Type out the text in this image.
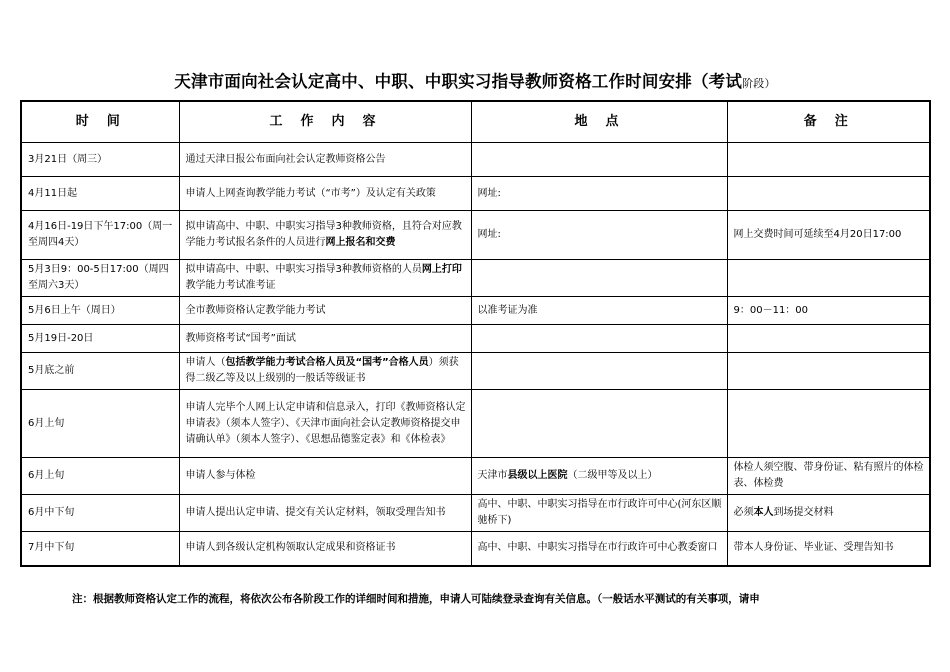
天津市面向社会认定高中、中职、中职实习指导教师资格工作时间安排（考试阶段）
时间	工作内容	地点	备注
3月21日（周三）	通过天津日报公布面向社会认定教师资格公告		
4月11日起	申请人上网查询教学能力考试（“市考”）及认定有关政策	网址:	
4月16日-19日下午17:00（周一至周四4天）	拟申请高中、中职、中职实习指导3种教师资格，且符合对应教学能力考试报名条件的人员进行网上报名和交费	网址:	网上交费时间可延续至4月20日17:00
5月3日9：00-5日17:00（周四至周六3天）	拟申请高中、中职、中职实习指导3种教师资格的人员网上打印教学能力考试准考证		
5月6日上午（周日）	全市教师资格认定教学能力考试	以准考证为准	9：00－11：00
5月19日-20日	教师资格考试“国考”面试		
5月底之前	申请人（包括教学能力考试合格人员及“国考”合格人员）须获得二级乙等及以上级别的一般话等级证书		
6月上旬	申请人完毕个人网上认定申请和信息录入，打印《教师资格认定申请表》（须本人签字）、《天津市面向社会认定教师资格提交申请确认单》（须本人签字）、《思想品德鉴定表》和《体检表》		
6月上旬	申请人参与体检	天津市县级以上医院（二级甲等及以上）	体检人须空腹、带身份证、粘有照片的体检表、体检费
6月中下旬	申请人提出认定申请、提交有关认定材料，领取受理告知书	高中、中职、中职实习指导在市行政许可中心(河东区顺驰桥下)	必须本人到场提交材料
7月中下旬	申请人到各级认定机构领取认定成果和资格证书	高中、中职、中职实习指导在市行政许可中心教委窗口	带本人身份证、毕业证、受理告知书
注：根据教师资格认定工作的流程，将依次公布各阶段工作的详细时间和措施，申请人可陆续登录查询有关信息。（一般话水平测试的有关事项，请申
